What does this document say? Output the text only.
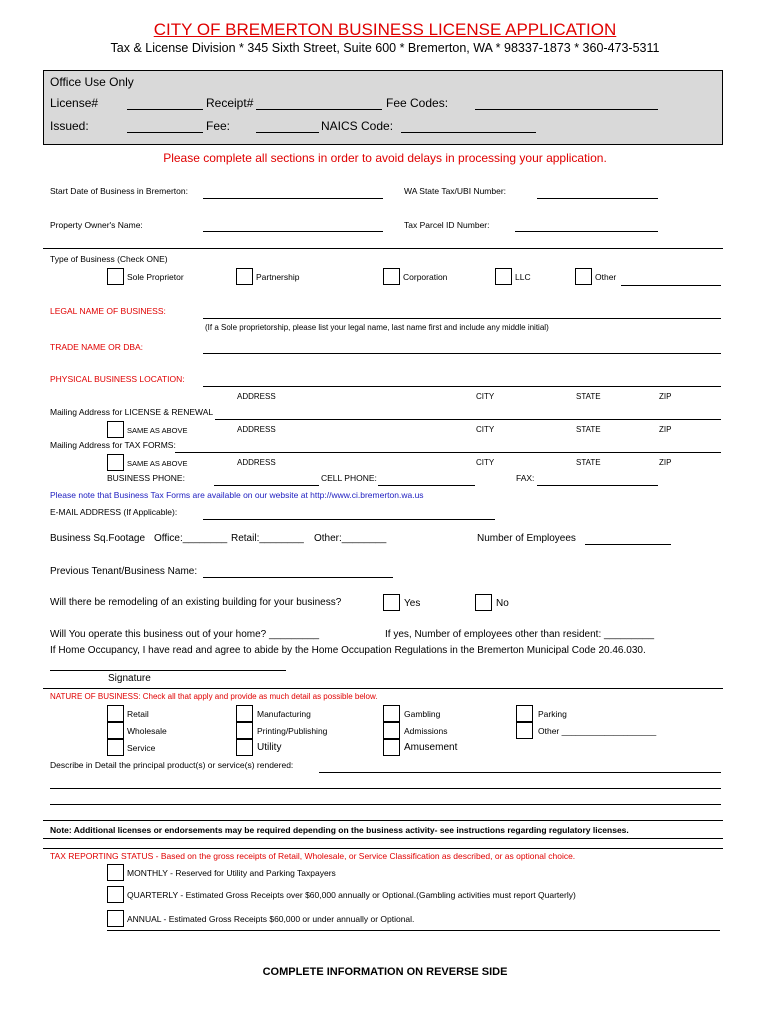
CITY OF BREMERTON BUSINESS LICENSE APPLICATION
Tax & License Division * 345 Sixth Street, Suite 600 * Bremerton, WA * 98337-1873 * 360-473-5311
Office Use Only
License#	Receipt#	Fee Codes:
Issued:	Fee:	NAICS Code:
Please complete all sections in order to avoid delays in processing your application.
Start Date of Business in Bremerton:	WA State Tax/UBI Number:
Property Owner's Name:	Tax Parcel ID Number:
Type of Business (Check ONE)
Sole Proprietor	Partnership	Corporation	LLC	Other
LEGAL NAME OF BUSINESS:
(If a Sole proprietorship, please list your legal name, last name first and include any middle initial)
TRADE NAME OR DBA:
PHYSICAL BUSINESS LOCATION:
ADDRESS	CITY	STATE	ZIP
Mailing Address for LICENSE & RENEWAL
SAME AS ABOVE	ADDRESS	CITY	STATE	ZIP
Mailing Address for TAX FORMS:
SAME AS ABOVE	ADDRESS	CITY	STATE	ZIP
BUSINESS PHONE:	CELL PHONE:	FAX:
Please note that Business Tax Forms are available on our website at http://www.ci.bremerton.wa.us
E-MAIL ADDRESS (If Applicable):
Business Sq.Footage Office:________ Retail:________ Other:________	Number of Employees
Previous Tenant/Business Name:
Will there be remodeling of an existing building for your business?	Yes	No
Will You operate this business out of your home? _________	If yes, Number of employees other than resident: _________
If Home Occupancy, I have read and agree to abide by the Home Occupation Regulations in the Bremerton Municipal Code 20.46.030.
Signature
NATURE OF BUSINESS: Check all that apply and provide as much detail as possible below.
Retail
Wholesale
Service
Manufacturing
Printing/Publishing
Utility
Gambling
Admissions
Amusement
Parking
Other ____________________
Describe in Detail the principal product(s) or service(s) rendered:
Note: Additional licenses or endorsements may be required depending on the business activity- see instructions regarding regulatory licenses.
TAX REPORTING STATUS - Based on the gross receipts of Retail, Wholesale, or Service Classification as described, or as optional choice.
MONTHLY - Reserved for Utility and Parking Taxpayers
QUARTERLY - Estimated Gross Receipts over $60,000 annually or Optional.(Gambling activities must report Quarterly)
ANNUAL - Estimated Gross Receipts $60,000 or under annually or Optional.
COMPLETE INFORMATION ON REVERSE SIDE
